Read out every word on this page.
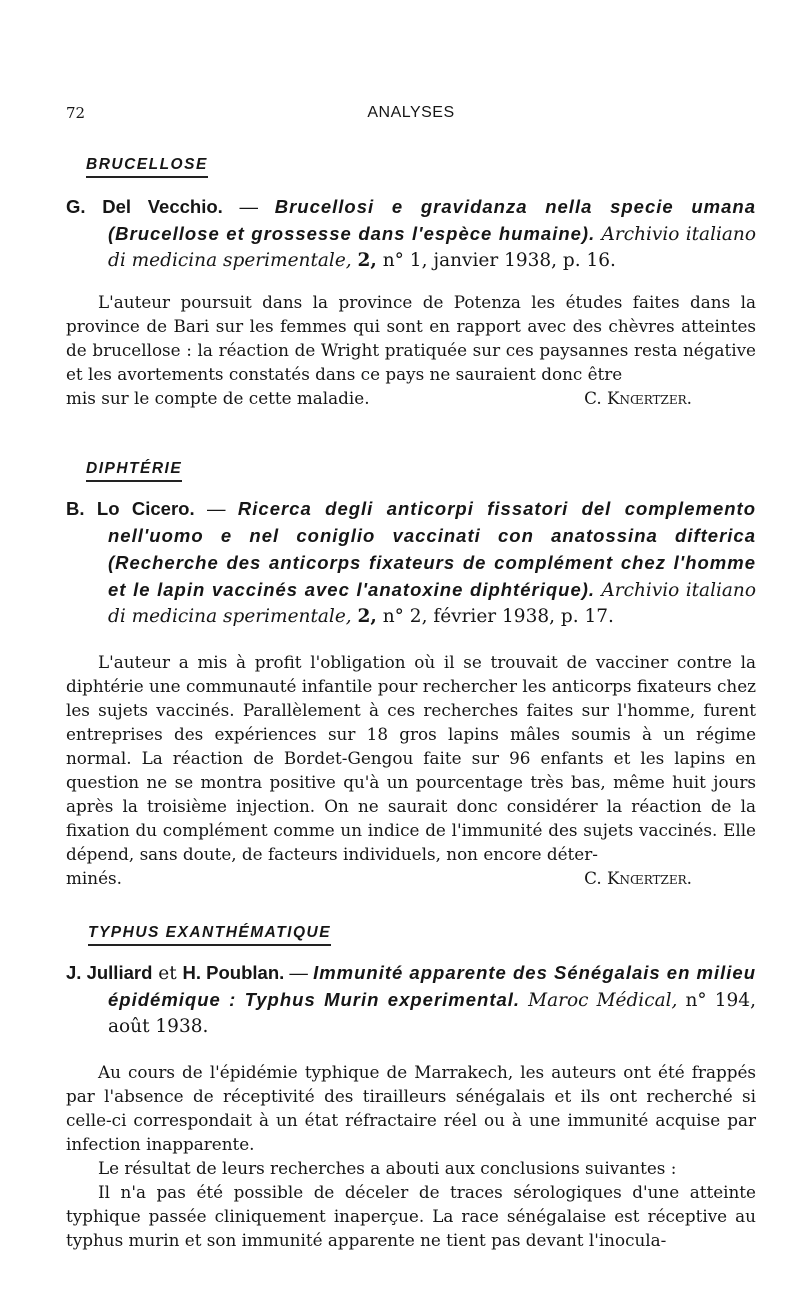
72	ANALYSES
BRUCELLOSE

G. Del Vecchio. — Brucellosi e gravidanza nella specie umana (Brucellose et grossesse dans l'espèce humaine). Archivio italiano di medicina sperimentale, 2, n° 1, janvier 1938, p. 16.

L'auteur poursuit dans la province de Potenza les études faites dans la province de Bari sur les femmes qui sont en rapport avec des chèvres atteintes de brucellose : la réaction de Wright pratiquée sur ces paysannes resta négative et les avortements constatés dans ce pays ne sauraient donc être

mis sur le compte de cette maladie.	C. Knœrtzer.
DIPHTÉRIE

B. Lo Cicero. — Ricerca degli anticorpi fissatori del complemento nell'uomo e nel coniglio vaccinati con anatossina difterica (Recherche des anticorps fixateurs de complément chez l'homme et le lapin vaccinés avec l'anatoxine diphtérique). Archivio italiano di medicina sperimentale, 2, n° 2, février 1938, p. 17.

L'auteur a mis à profit l'obligation où il se trouvait de vacciner contre la diphtérie une communauté infantile pour rechercher les anticorps fixateurs chez les sujets vaccinés. Parallèlement à ces recherches faites sur l'homme, furent entreprises des expériences sur 18 gros lapins mâles soumis à un régime normal. La réaction de Bordet-Gengou faite sur 96 enfants et les lapins en question ne se montra positive qu'à un pourcentage très bas, même huit jours après la troisième injection. On ne saurait donc considérer la réaction de la fixation du complément comme un indice de l'immunité des sujets vaccinés. Elle dépend, sans doute, de facteurs individuels, non encore déter-

minés.	C. Knœrtzer.
TYPHUS EXANTHÉMATIQUE

J. Julliard et H. Poublan. — Immunité apparente des Sénégalais en milieu épidémique : Typhus Murin experimental. Maroc Médical, n° 194, août 1938.

Au cours de l'épidémie typhique de Marrakech, les auteurs ont été frappés par l'absence de réceptivité des tirailleurs sénégalais et ils ont recherché si celle-ci correspondait à un état réfractaire réel ou à une immunité acquise par infection inapparente.

Le résultat de leurs recherches a abouti aux conclusions suivantes :

Il n'a pas été possible de déceler de traces sérologiques d'une atteinte typhique passée cliniquement inaperçue. La race sénégalaise est réceptive au typhus murin et son immunité apparente ne tient pas devant l'inocula-
